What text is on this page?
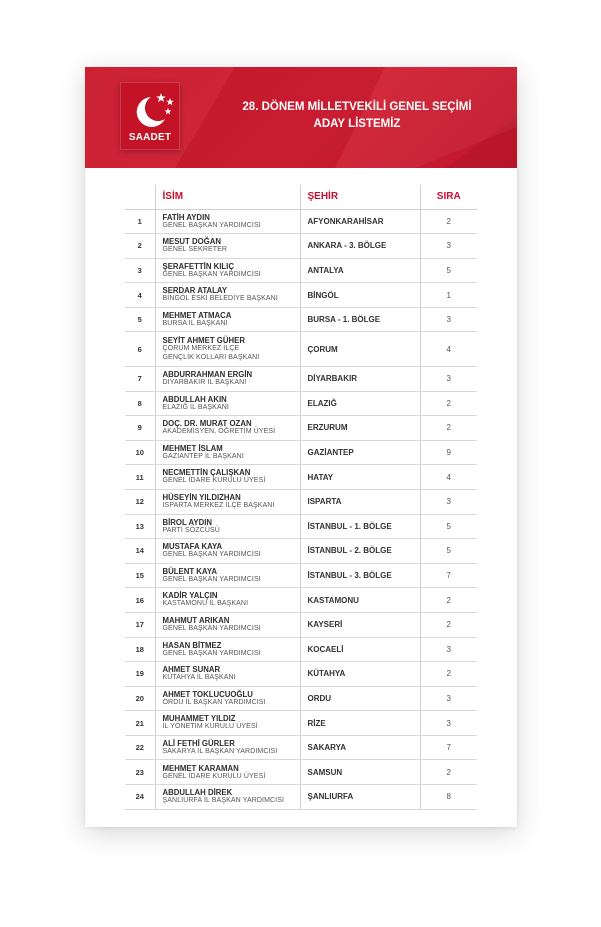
SAADET
28. DÖNEM MİLLETVEKİLİ GENEL SEÇİMİ
ADAY LİSTEMİZ
	İSİM	ŞEHİR	SIRA
1	FATİH AYDIN
GENEL BAŞKAN YARDIMCISI	AFYONKARAHİSAR	2
2	MESUT DOĞAN
GENEL SEKRETER	ANKARA - 3. BÖLGE	3
3	ŞERAFETTİN KILIÇ
GENEL BAŞKAN YARDIMCISI	ANTALYA	5
4	SERDAR ATALAY
BİNGÖL ESKİ BELEDİYE BAŞKANI	BİNGÖL	1
5	MEHMET ATMACA
BURSA İL BAŞKANI	BURSA - 1. BÖLGE	3
6	SEYİT AHMET GÜHER
ÇORUM MERKEZ İLÇE
GENÇLİK KOLLARI BAŞKANI	ÇORUM	4
7	ABDURRAHMAN ERGİN
DİYARBAKIR İL BAŞKANI	DİYARBAKIR	3
8	ABDULLAH AKIN
ELAZIĞ İL BAŞKANI	ELAZIĞ	2
9	DOÇ. DR. MURAT OZAN
AKADEMİSYEN, ÖĞRETİM ÜYESİ	ERZURUM	2
10	MEHMET İSLAM
GAZİANTEP İL BAŞKANI	GAZİANTEP	9
11	NECMETTİN ÇALIŞKAN
GENEL İDARE KURULU ÜYESİ	HATAY	4
12	HÜSEYİN YILDIZHAN
ISPARTA MERKEZ İLÇE BAŞKANI	ISPARTA	3
13	BİROL AYDIN
PARTİ SÖZCÜSÜ	İSTANBUL - 1. BÖLGE	5
14	MUSTAFA KAYA
GENEL BAŞKAN YARDIMCISI	İSTANBUL - 2. BÖLGE	5
15	BÜLENT KAYA
GENEL BAŞKAN YARDIMCISI	İSTANBUL - 3. BÖLGE	7
16	KADİR YALÇIN
KASTAMONU İL BAŞKANI	KASTAMONU	2
17	MAHMUT ARIKAN
GENEL BAŞKAN YARDIMCISI	KAYSERİ	2
18	HASAN BİTMEZ
GENEL BAŞKAN YARDIMCISI	KOCAELİ	3
19	AHMET SUNAR
KÜTAHYA İL BAŞKANI	KÜTAHYA	2
20	AHMET TOKLUCUOĞLU
ORDU İL BAŞKAN YARDIMCISI	ORDU	3
21	MUHAMMET YILDIZ
İL YÖNETİM KURULU ÜYESİ	RİZE	3
22	ALİ FETHİ GÜRLER
SAKARYA İL BAŞKAN YARDIMCISI	SAKARYA	7
23	MEHMET KARAMAN
GENEL İDARE KURULU ÜYESİ	SAMSUN	2
24	ABDULLAH DİREK
ŞANLIURFA İL BAŞKAN YARDIMCISI	ŞANLIURFA	8
